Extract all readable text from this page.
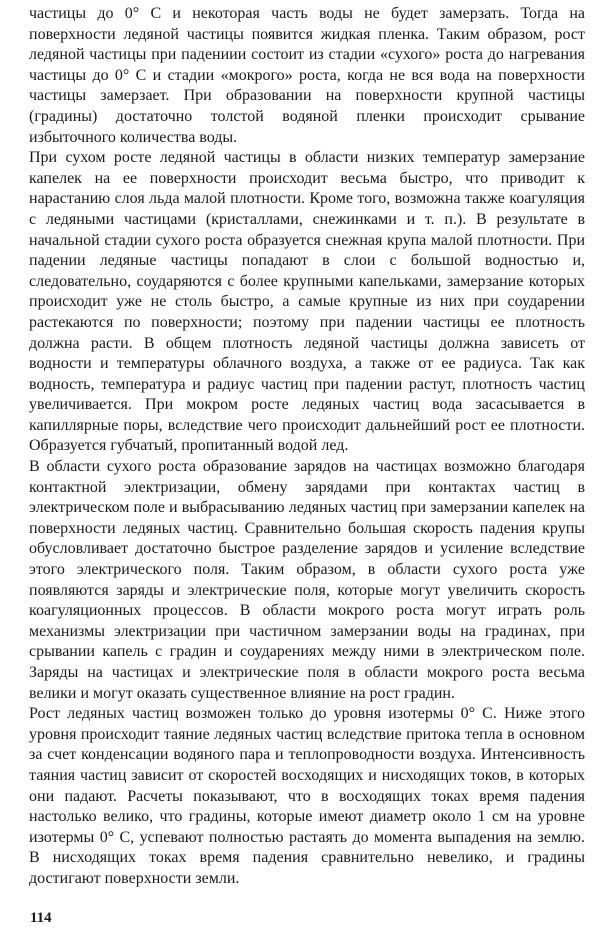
частицы до 0° С и некоторая часть воды не будет замерзать. Тогда на поверхности ледяной частицы появится жидкая пленка. Таким образом, рост ледяной частицы при падениии состоит из стадии «сухого» роста до нагревания частицы до 0° С и стадии «мокрого» роста, когда не вся вода на поверхности частицы замерзает. При образовании на поверхности крупной частицы (градины) достаточно толстой водяной пленки происходит срывание избыточного количества воды.

При сухом росте ледяной частицы в области низких температур замерзание капелек на ее поверхности происходит весьма быстро, что приводит к нарастанию слоя льда малой плотности. Кроме того, возможна также коагуляция с ледяными частицами (кристаллами, снежинками и т. п.). В результате в начальной стадии сухого роста образуется снежная крупа малой плотности. При падении ледяные частицы попадают в слои с большой водностью и, следовательно, соударяются с более крупными капельками, замерзание которых происходит уже не столь быстро, а самые крупные из них при соударении растекаются по поверхности; поэтому при падении частицы ее плотность должна расти. В общем плотность ледяной частицы должна зависеть от водности и температуры облачного воздуха, а также от ее радиуса. Так как водность, температура и радиус частиц при падении растут, плотность частиц увеличивается. При мокром росте ледяных частиц вода засасывается в капиллярные поры, вследствие чего происходит дальнейший рост ее плотности. Образуется губчатый, пропитанный водой лед.

В области сухого роста образование зарядов на частицах возможно благодаря контактной электризации, обмену зарядами при контактах частиц в электрическом поле и выбрасыванию ледяных частиц при замерзании капелек на поверхности ледяных частиц. Сравнительно большая скорость падения крупы обусловливает достаточно быстрое разделение зарядов и усиление вследствие этого электрического поля. Таким образом, в области сухого роста уже появляются заряды и электрические поля, которые могут увеличить скорость коагуляционных процессов. В области мокрого роста могут играть роль механизмы электризации при частичном замерзании воды на градинах, при срывании капель с градин и соударениях между ними в электрическом поле. Заряды на частицах и электрические поля в области мокрого роста весьма велики и могут оказать существенное влияние на рост градин.

Рост ледяных частиц возможен только до уровня изотермы 0° С. Ниже этого уровня происходит таяние ледяных частиц вследствие притока тепла в основном за счет конденсации водяного пара и теплопроводности воздуха. Интенсивность таяния частиц зависит от скоростей восходящих и нисходящих токов, в которых они падают. Расчеты показывают, что в восходящих токах время падения настолько велико, что градины, которые имеют диаметр около 1 см на уровне изотермы 0° С, успевают полностью растаять до момента выпадения на землю. В нисходящих токах время падения сравнительно невелико, и градины достигают поверхности земли.

114
